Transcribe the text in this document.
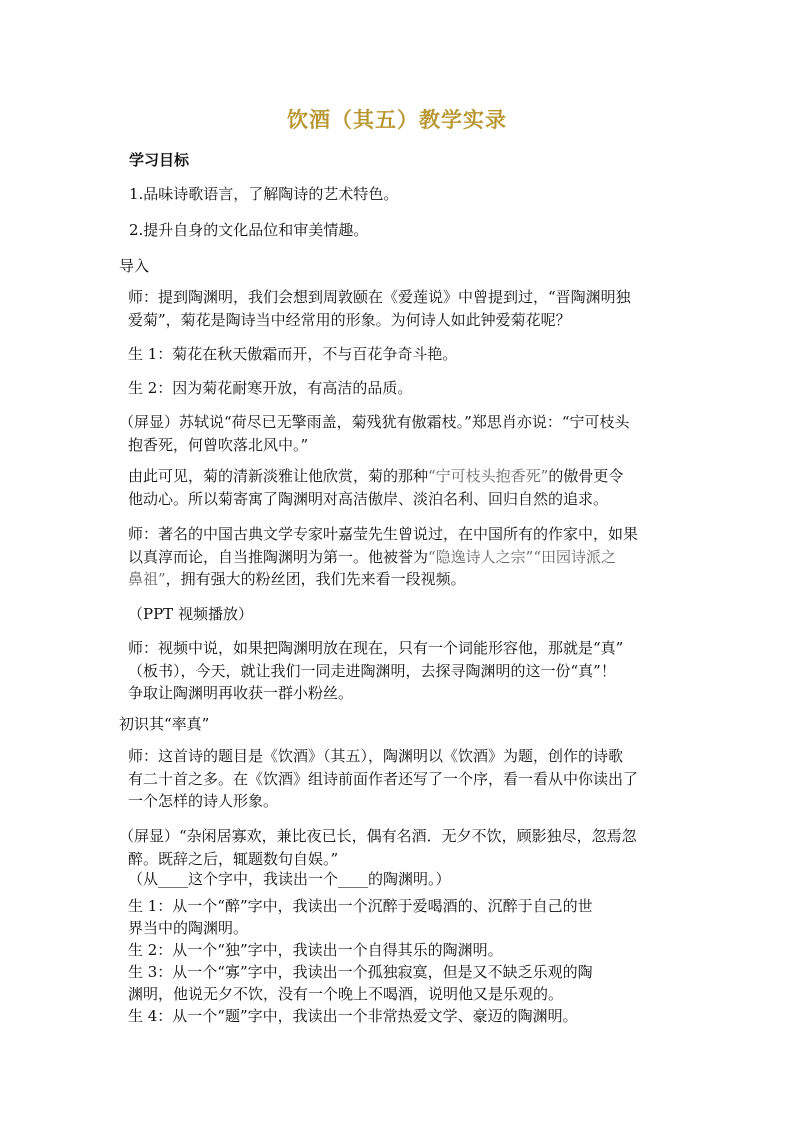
饮酒（其五）教学实录
学习目标
1.品味诗歌语言，了解陶诗的艺术特色。
2.提升自身的文化品位和审美情趣。
导入
师：提到陶渊明，我们会想到周敦颐在《爱莲说》中曾提到过，“晋陶渊明独
爱菊”，菊花是陶诗当中经常用的形象。为何诗人如此钟爱菊花呢？
生 1：菊花在秋天傲霜而开，不与百花争奇斗艳。
生 2：因为菊花耐寒开放，有高洁的品质。
（屏显）苏轼说“荷尽已无擎雨盖，菊残犹有傲霜枝。”郑思肖亦说：“宁可枝头
抱香死，何曾吹落北风中。”
由此可见，菊的清新淡雅让他欣赏，菊的那种“宁可枝头抱香死”的傲骨更令
他动心。所以菊寄寓了陶渊明对高洁傲岸、淡泊名利、回归自然的追求。
师：著名的中国古典文学专家叶嘉莹先生曾说过，在中国所有的作家中，如果
以真淳而论，自当推陶渊明为第一。他被誉为“隐逸诗人之宗”“田园诗派之
鼻祖”，拥有强大的粉丝团，我们先来看一段视频。
（PPT 视频播放）
师：视频中说，如果把陶渊明放在现在，只有一个词能形容他，那就是“真”
（板书），今天，就让我们一同走进陶渊明，去探寻陶渊明的这一份“真”！
争取让陶渊明再收获一群小粉丝。
初识其“率真”
师：这首诗的题目是《饮酒》（其五），陶渊明以《饮酒》为题，创作的诗歌
有二十首之多。在《饮酒》组诗前面作者还写了一个序，看一看从中你读出了
一个怎样的诗人形象。
（屏显）“杂闲居寡欢，兼比夜已长，偶有名酒．无夕不饮，顾影独尽，忽焉忽
醉。既辞之后，辄题数句自娱。”
（从____这个字中，我读出一个____的陶渊明。）
生 1：从一个“醉”字中，我读出一个沉醉于爱喝酒的、沉醉于自己的世
界当中的陶渊明。
生 2：从一个“独”字中，我读出一个自得其乐的陶渊明。
生 3：从一个“寡”字中，我读出一个孤独寂寞，但是又不缺乏乐观的陶
渊明，他说无夕不饮，没有一个晚上不喝酒，说明他又是乐观的。
生 4：从一个“题”字中，我读出一个非常热爱文学、豪迈的陶渊明。
